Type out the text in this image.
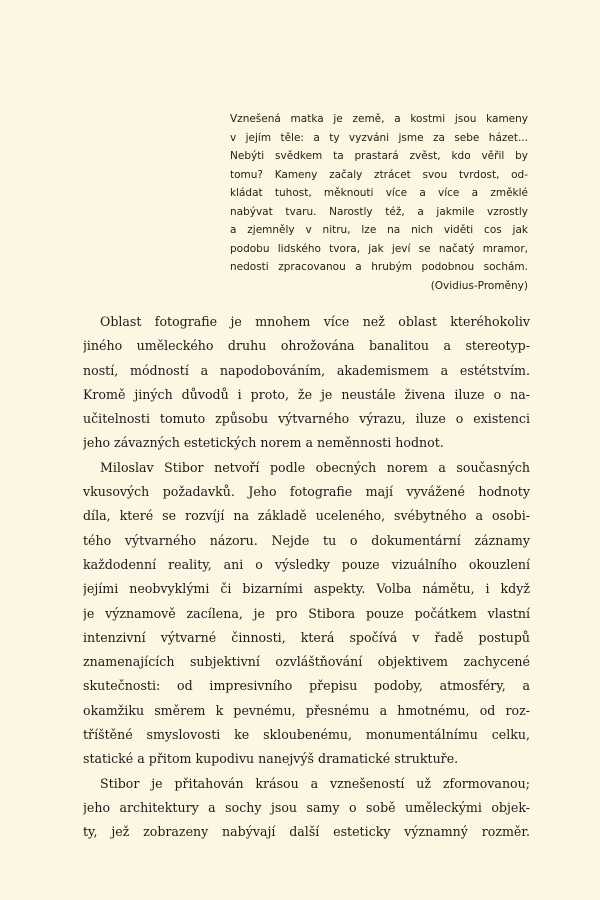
Vznešená matka je země, a kostmi jsou kameny
v jejím těle: a ty vyzváni jsme za sebe házet...
Nebýti svědkem ta prastará zvěst, kdo věřil by
tomu? Kameny začaly ztrácet svou tvrdost, od-
kládat tuhost, měknouti více a více a změklé
nabývat tvaru. Narostly též, a jakmile vzrostly
a zjemněly v nitru, lze na nich viděti cos jak
podobu lidského tvora, jak jeví se načatý mramor,
nedosti zpracovanou a hrubým podobnou sochám.
(Ovidius-Proměny)
Oblast fotografie je mnohem více než oblast kteréhokoliv
jiného uměleckého druhu ohrožována banalitou a stereotyp-
ností, módností a napodobováním, akademismem a estétstvím.
Kromě jiných důvodů i proto, že je neustále živena iluze o na-
učitelnosti tomuto způsobu výtvarného výrazu, iluze o existenci
jeho závazných estetických norem a neměnnosti hodnot.
Miloslav Stibor netvoří podle obecných norem a současných
vkusových požadavků. Jeho fotografie mají vyvážené hodnoty
díla, které se rozvíjí na základě uceleného, svébytného a osobi-
tého výtvarného názoru. Nejde tu o dokumentární záznamy
každodenní reality, ani o výsledky pouze vizuálního okouzlení
jejími neobvyklými či bizarními aspekty. Volba námětu, i když
je významově zacílena, je pro Stibora pouze počátkem vlastní
intenzivní výtvarné činnosti, která spočívá v řadě postupů
znamenajících subjektivní ozvláštňování objektivem zachycené
skutečnosti: od impresivního přepisu podoby, atmosféry, a
okamžiku směrem k pevnému, přesnému a hmotnému, od roz-
tříštěné smyslovosti ke skloubenému, monumentálnímu celku,
statické a přitom kupodivu nanejvýš dramatické struktuře.
Stibor je přitahován krásou a vznešeností už zformovanou;
jeho architektury a sochy jsou samy o sobě uměleckými objek-
ty, jež zobrazeny nabývají další esteticky významný rozměr.
